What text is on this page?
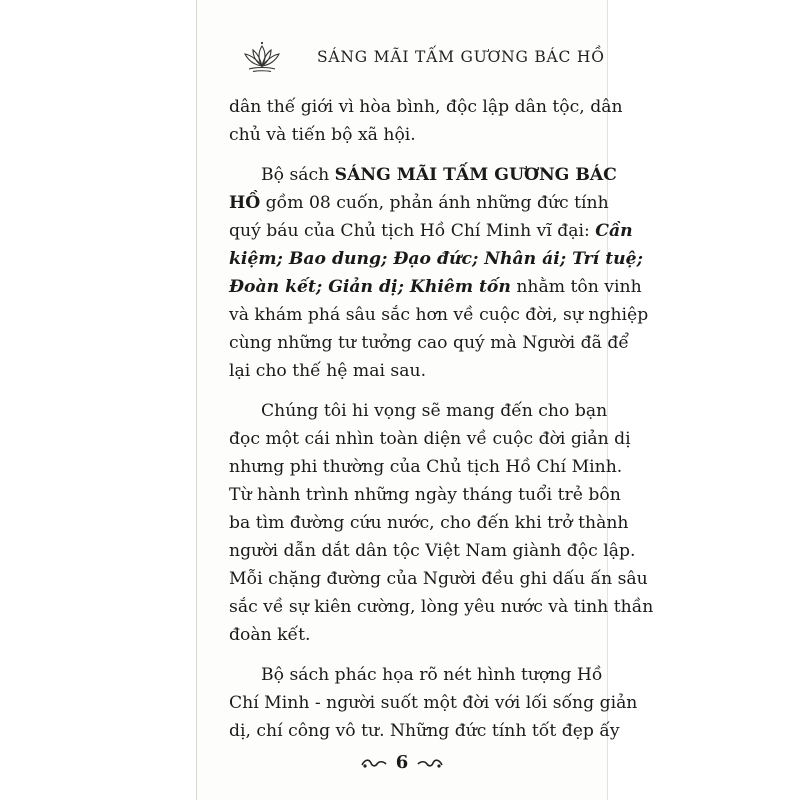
SÁNG MÃI TẤM GƯƠNG BÁC HỒ
dân thế giới vì hòa bình, độc lập dân tộc, dân
chủ và tiến bộ xã hội.
Bộ sách SÁNG MÃI TẤM GƯƠNG BÁC
HỒ gồm 08 cuốn, phản ánh những đức tính
quý báu của Chủ tịch Hồ Chí Minh vĩ đại: Cần
kiệm; Bao dung; Đạo đức; Nhân ái; Trí tuệ;
Đoàn kết; Giản dị; Khiêm tốn nhằm tôn vinh
và khám phá sâu sắc hơn về cuộc đời, sự nghiệp
cùng những tư tưởng cao quý mà Người đã để
lại cho thế hệ mai sau.
Chúng tôi hi vọng sẽ mang đến cho bạn
đọc một cái nhìn toàn diện về cuộc đời giản dị
nhưng phi thường của Chủ tịch Hồ Chí Minh.
Từ hành trình những ngày tháng tuổi trẻ bôn
ba tìm đường cứu nước, cho đến khi trở thành
người dẫn dắt dân tộc Việt Nam giành độc lập.
Mỗi chặng đường của Người đều ghi dấu ấn sâu
sắc về sự kiên cường, lòng yêu nước và tinh thần
đoàn kết.
Bộ sách phác họa rõ nét hình tượng Hồ
Chí Minh - người suốt một đời với lối sống giản
dị, chí công vô tư. Những đức tính tốt đẹp ấy
6
